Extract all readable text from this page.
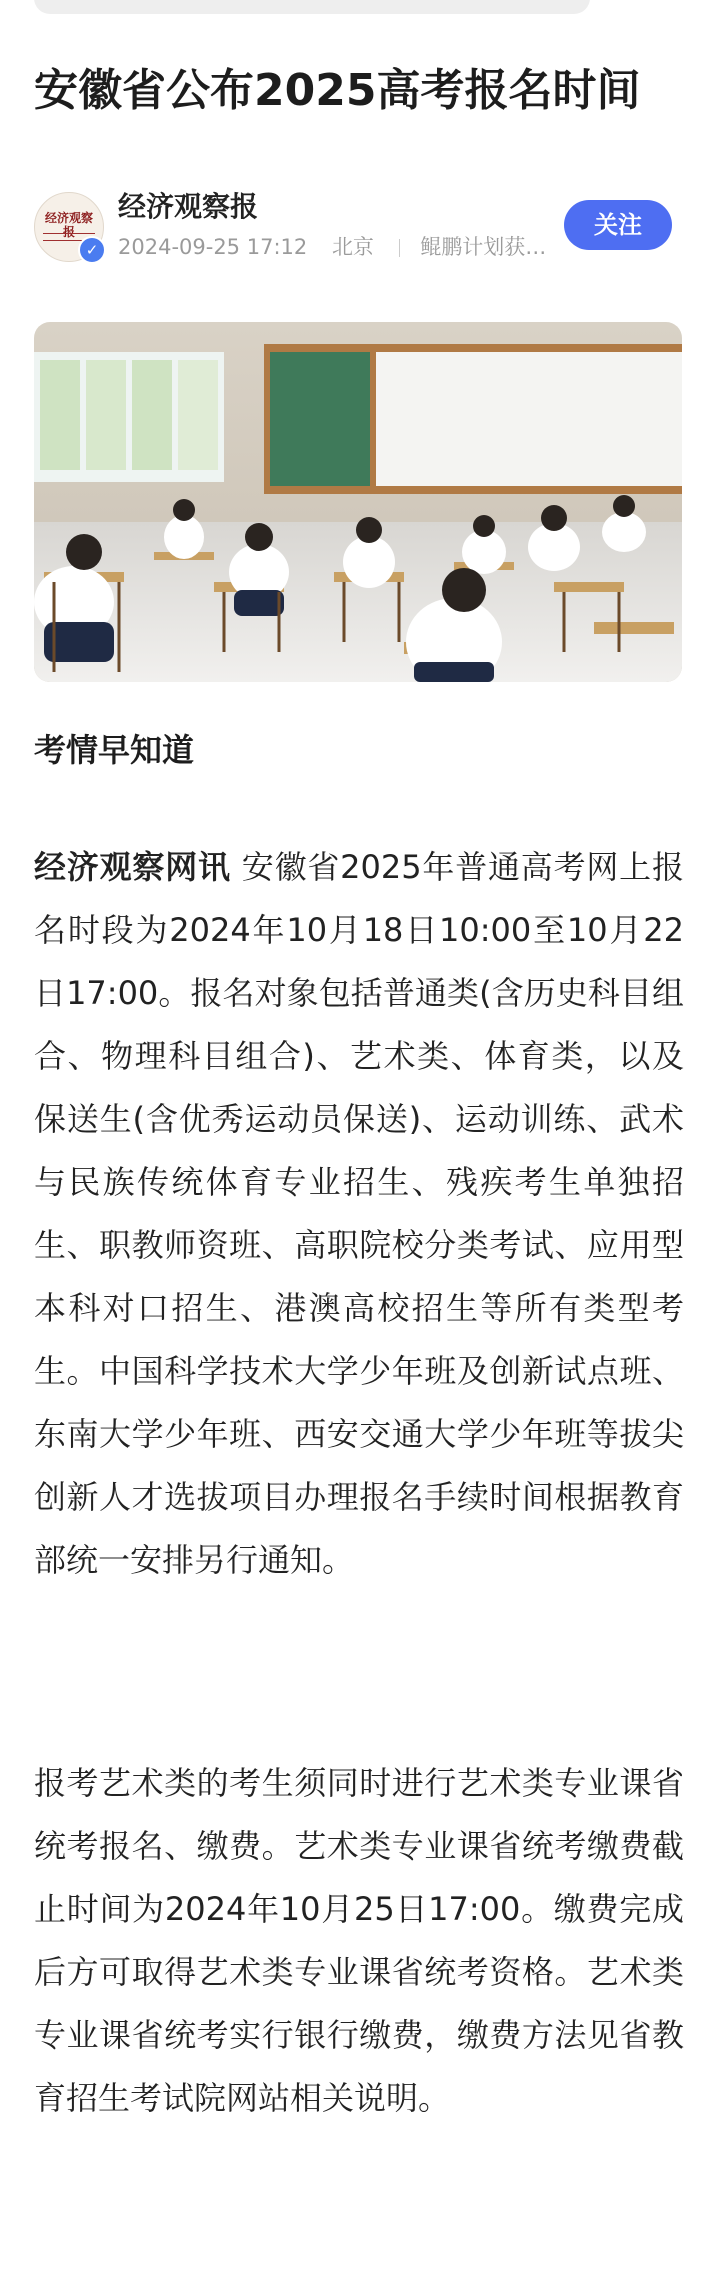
安徽省公布2025高考报名时间
经济观察报
✓
经济观察报
2024-09-25 17:12 北京 鲲鹏计划获…
关注
考情早知道

经济观察网讯 安徽省2025年普通高考网上报名时段为2024年10月18日10:00至10月22日17:00。报名对象包括普通类(含历史科目组合、物理科目组合)、艺术类、体育类，以及保送生(含优秀运动员保送)、运动训练、武术与民族传统体育专业招生、残疾考生单独招生、职教师资班、高职院校分类考试、应用型本科对口招生、港澳高校招生等所有类型考生。中国科学技术大学少年班及创新试点班、东南大学少年班、西安交通大学少年班等拔尖创新人才选拔项目办理报名手续时间根据教育部统一安排另行通知。

报考艺术类的考生须同时进行艺术类专业课省统考报名、缴费。艺术类专业课省统考缴费截止时间为2024年10月25日17:00。缴费完成后方可取得艺术类专业课省统考资格。艺术类专业课省统考实行银行缴费，缴费方法见省教育招生考试院网站相关说明。
